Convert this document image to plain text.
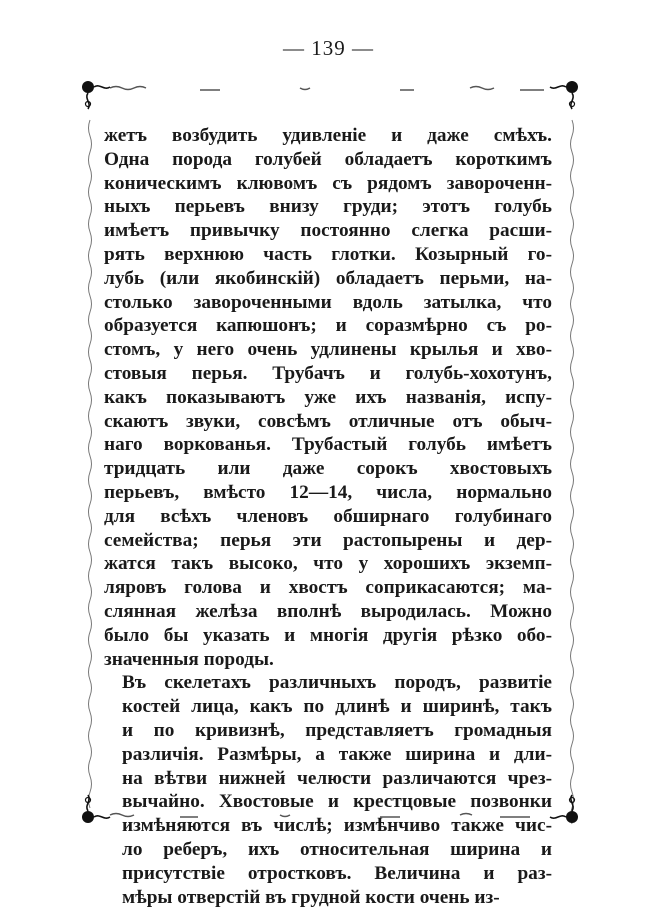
— 139 —

жетъ возбудить удивленіе и даже смѣхъ.
Одна порода голубей обладаетъ короткимъ
коническимъ клювомъ съ рядомъ завороченн-
ныхъ перьевъ внизу груди; этотъ голубь
имѣетъ привычку постоянно слегка расши-
рять верхнюю часть глотки. Козырный го-
лубь (или якобинскій) обладаетъ перьми, на-
столько завороченными вдоль затылка, что
образуется капюшонъ; и соразмѣрно съ ро-
стомъ, у него очень удлинены крылья и хво-
стовыя перья. Трубачъ и голубь-хохотунъ,
какъ показываютъ уже ихъ названія, испу-
скаютъ звуки, совсѣмъ отличные отъ обыч-
наго воркованья. Трубастый голубь имѣетъ
тридцать или даже сорокъ хвостовыхъ
перьевъ, вмѣсто 12—14, числа, нормально
для всѣхъ членовъ обширнаго голубинаго
семейства; перья эти растопырены и дер-
жатся такъ высоко, что у хорошихъ экземп-
ляровъ голова и хвостъ соприкасаются; ма-
слянная желѣза вполнѣ выродилась. Можно
было бы указать и многія другія рѣзко обо-
значенныя породы.

Въ скелетахъ различныхъ породъ, развитіе
костей лица, какъ по длинѣ и ширинѣ, такъ
и по кривизнѣ, представляетъ громадныя
различія. Размѣры, а также ширина и дли-
на вѣтви нижней челюсти различаются чрез-
вычайно. Хвостовые и крестцовые позвонки
измѣняются въ числѣ; измѣнчиво также чис-
ло реберъ, ихъ относительная ширина и
присутствіе отростковъ. Величина и раз-
мѣры отверстій въ грудной кости очень из-
